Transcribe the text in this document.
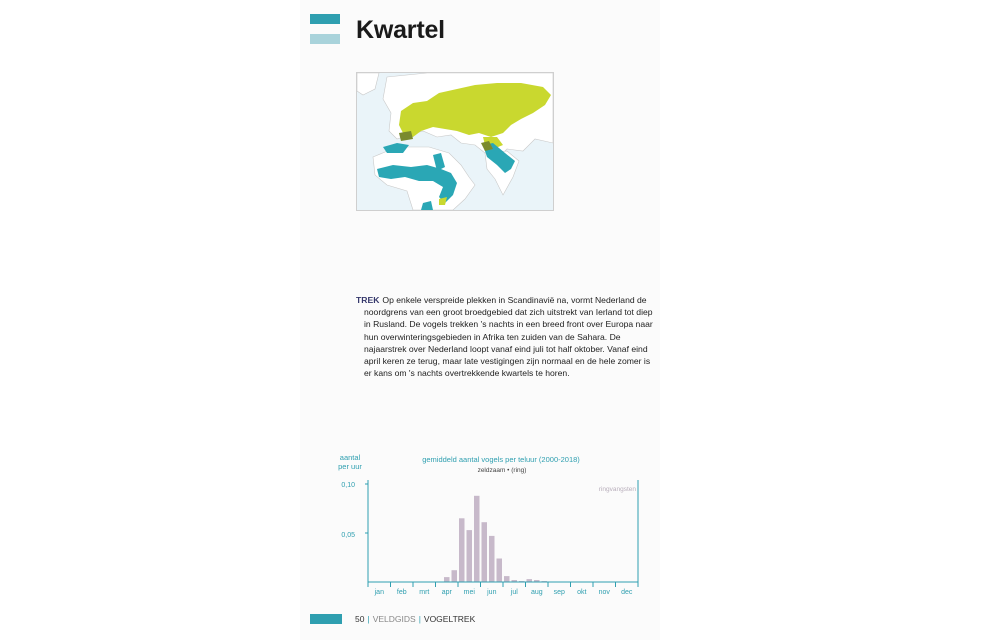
Kwartel
TREK Op enkele verspreide plekken in Scandinavië na, vormt Nederland de noordgrens van een groot broedgebied dat zich uitstrekt van Ierland tot diep in Rusland. De vogels trekken 's nachts in een breed front over Europa naar hun overwinteringsgebieden in Afrika ten zuiden van de Sahara. De najaarstrek over Nederland loopt vanaf eind juli tot half oktober. Vanaf eind april keren ze terug, maar late vestigingen zijn normaal en de hele zomer is er kans om 's nachts overtrekkende kwartels te horen.
aantal
per uur
gemiddeld aantal vogels per teluur (2000-2018)
zeldzaam • (ring)
ringvangsten
0,10
0,05
jan feb mrt apr mei jun jul aug sep okt nov dec
50 | VELDGIDS | VOGELTREK
